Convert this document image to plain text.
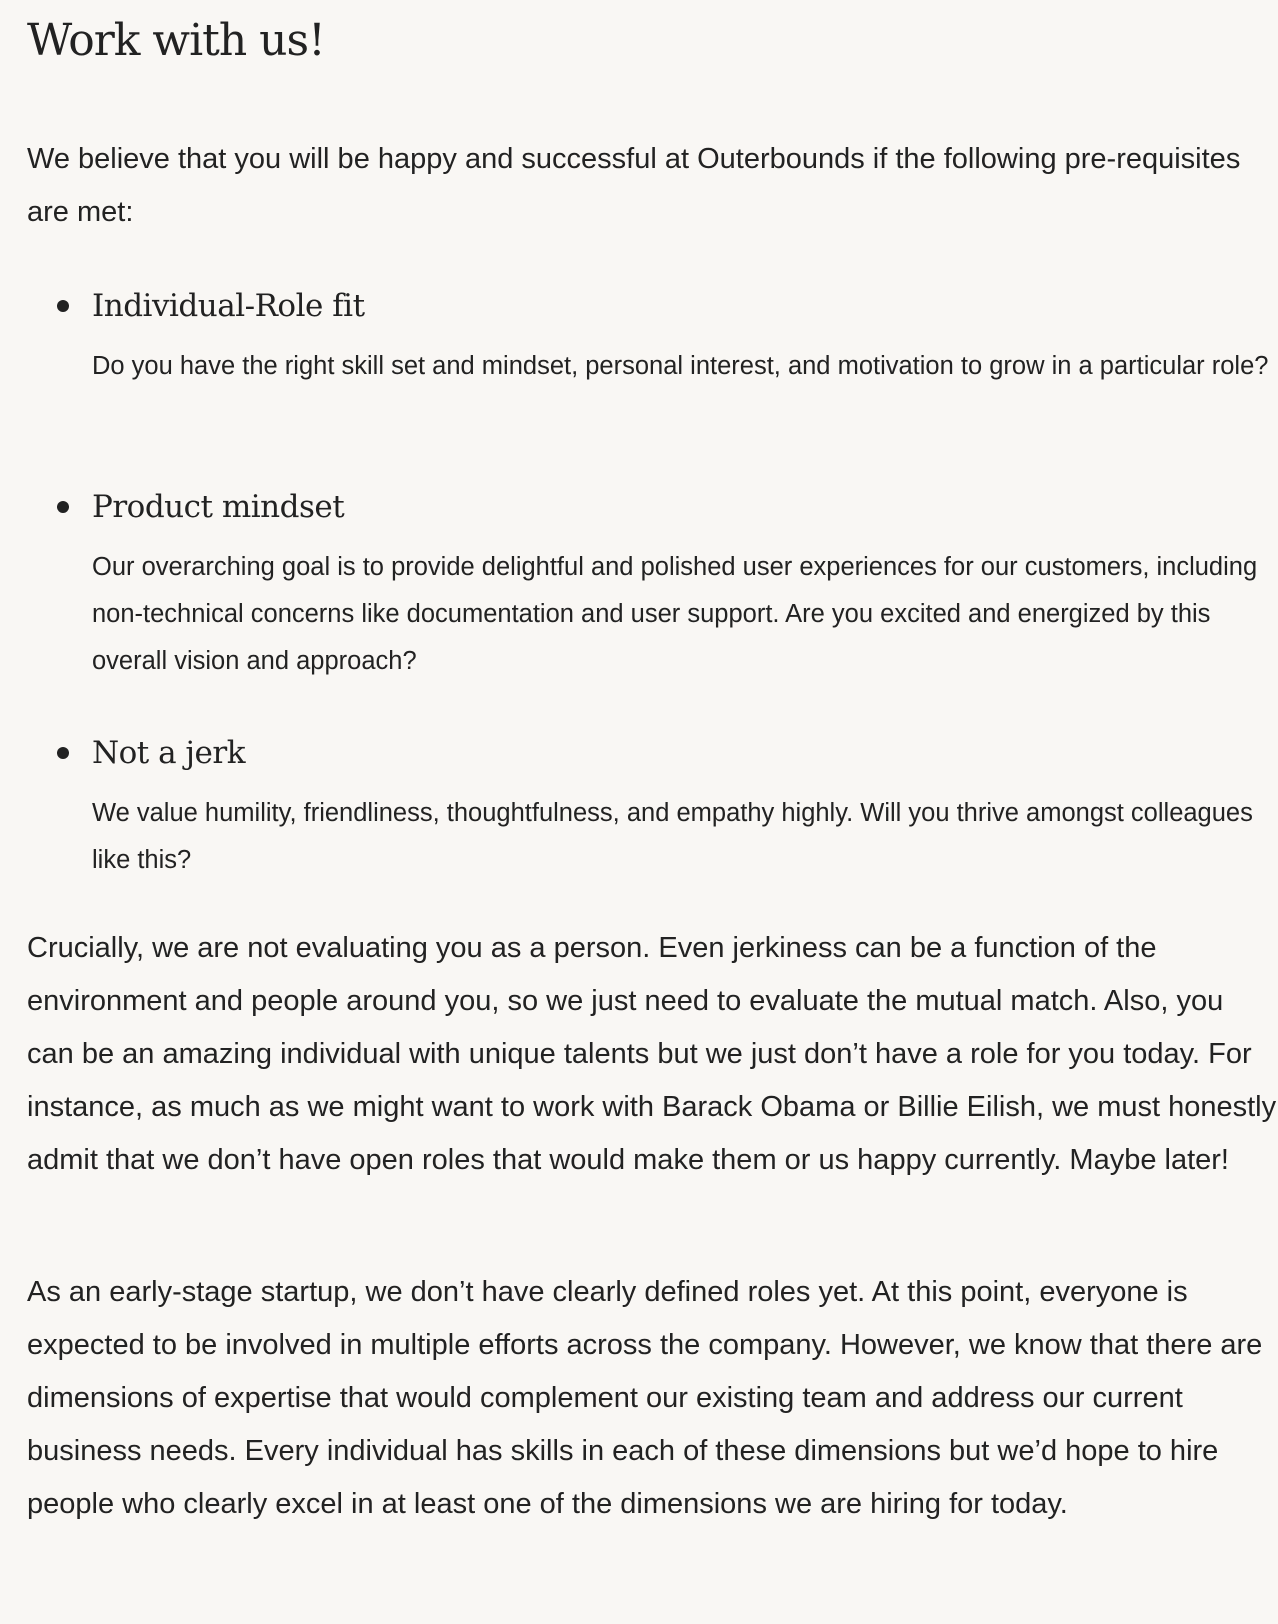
Work with us!

We believe that you will be happy and successful at Outerbounds if the following pre-requisites are met:

Individual-Role fit

Do you have the right skill set and mindset, personal interest, and motivation to grow in a particular role?

Product mindset

Our overarching goal is to provide delightful and polished user experiences for our customers, including non-technical concerns like documentation and user support. Are you excited and energized by this overall vision and approach?

Not a jerk

We value humility, friendliness, thoughtfulness, and empathy highly. Will you thrive amongst colleagues like this?

Crucially, we are not evaluating you as a person. Even jerkiness can be a function of the environment and people around you, so we just need to evaluate the mutual match. Also, you can be an amazing individual with unique talents but we just don’t have a role for you today. For instance, as much as we might want to work with Barack Obama or Billie Eilish, we must honestly admit that we don’t have open roles that would make them or us happy currently. Maybe later!

As an early-stage startup, we don’t have clearly defined roles yet. At this point, everyone is expected to be involved in multiple efforts across the company. However, we know that there are dimensions of expertise that would complement our existing team and address our current business needs. Every individual has skills in each of these dimensions but we’d hope to hire people who clearly excel in at least one of the dimensions we are hiring for today.
